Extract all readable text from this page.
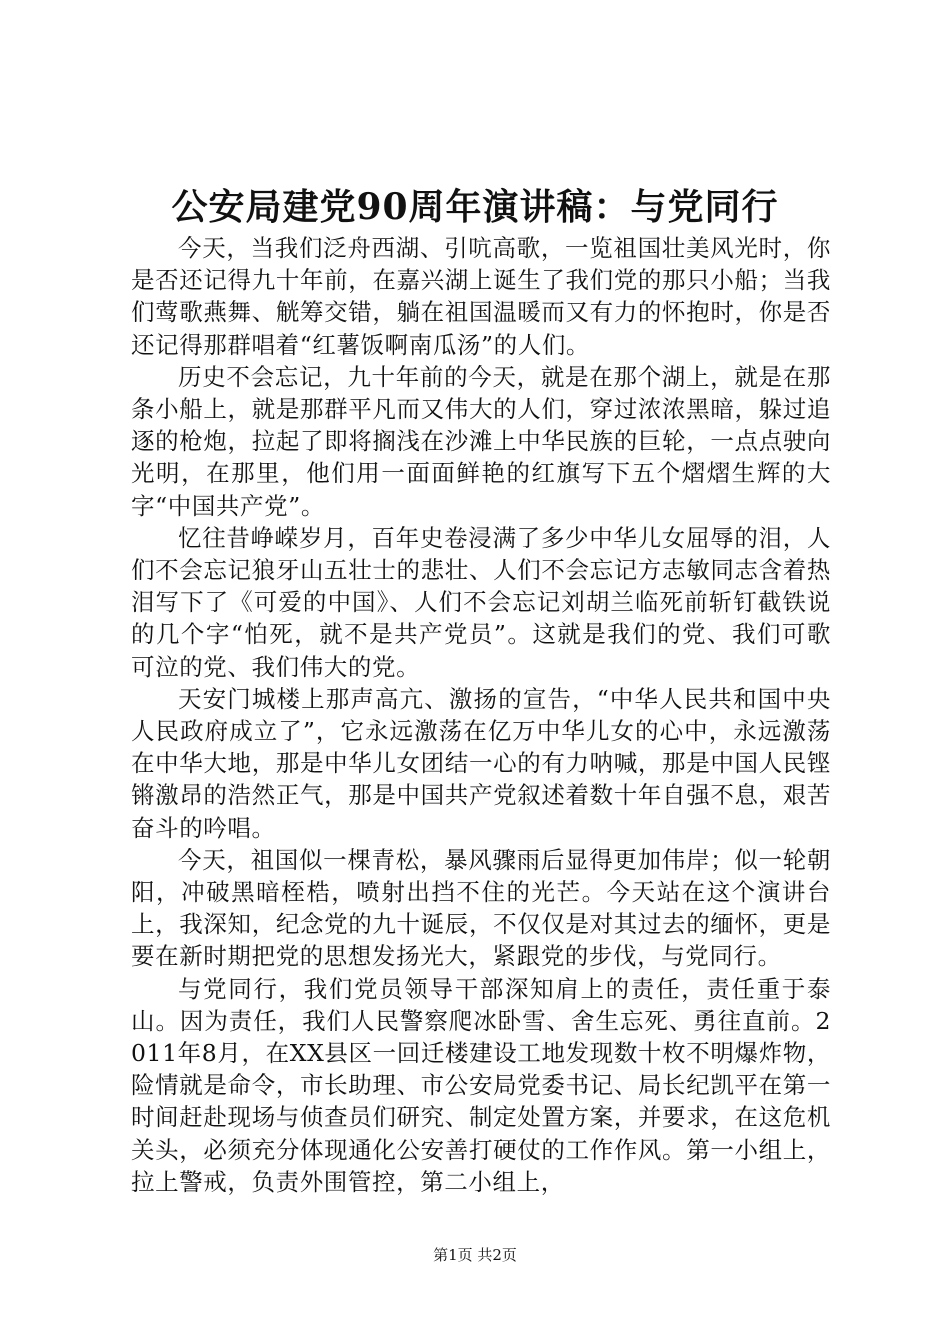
公安局建党90周年演讲稿：与党同行

今天，当我们泛舟西湖、引吭高歌，一览祖国壮美风光时，你是否还记得九十年前，在嘉兴湖上诞生了我们党的那只小船；当我们莺歌燕舞、觥筹交错，躺在祖国温暖而又有力的怀抱时，你是否还记得那群唱着“红薯饭啊南瓜汤”的人们。

历史不会忘记，九十年前的今天，就是在那个湖上，就是在那条小船上，就是那群平凡而又伟大的人们，穿过浓浓黑暗，躲过追逐的枪炮，拉起了即将搁浅在沙滩上中华民族的巨轮，一点点驶向光明，在那里，他们用一面面鲜艳的红旗写下五个熠熠生辉的大字“中国共产党”。

忆往昔峥嵘岁月，百年史卷浸满了多少中华儿女屈辱的泪，人们不会忘记狼牙山五壮士的悲壮、人们不会忘记方志敏同志含着热泪写下了《可爱的中国》、人们不会忘记刘胡兰临死前斩钉截铁说的几个字“怕死，就不是共产党员”。这就是我们的党、我们可歌可泣的党、我们伟大的党。

天安门城楼上那声高亢、激扬的宣告，“中华人民共和国中央人民政府成立了”，它永远激荡在亿万中华儿女的心中，永远激荡在中华大地，那是中华儿女团结一心的有力呐喊，那是中国人民铿锵激昂的浩然正气，那是中国共产党叙述着数十年自强不息，艰苦奋斗的吟唱。

今天，祖国似一棵青松，暴风骤雨后显得更加伟岸；似一轮朝阳，冲破黑暗桎梏，喷射出挡不住的光芒。今天站在这个演讲台上，我深知，纪念党的九十诞辰，不仅仅是对其过去的缅怀，更是要在新时期把党的思想发扬光大，紧跟党的步伐，与党同行。

与党同行，我们党员领导干部深知肩上的责任，责任重于泰山。因为责任，我们人民警察爬冰卧雪、舍生忘死、勇往直前。2011年8月，在XX县区一回迁楼建设工地发现数十枚不明爆炸物，险情就是命令，市长助理、市公安局党委书记、局长纪凯平在第一时间赶赴现场与侦查员们研究、制定处置方案，并要求，在这危机关头，必须充分体现通化公安善打硬仗的工作作风。第一小组上，拉上警戒，负责外围管控，第二小组上，

第1页 共2页
